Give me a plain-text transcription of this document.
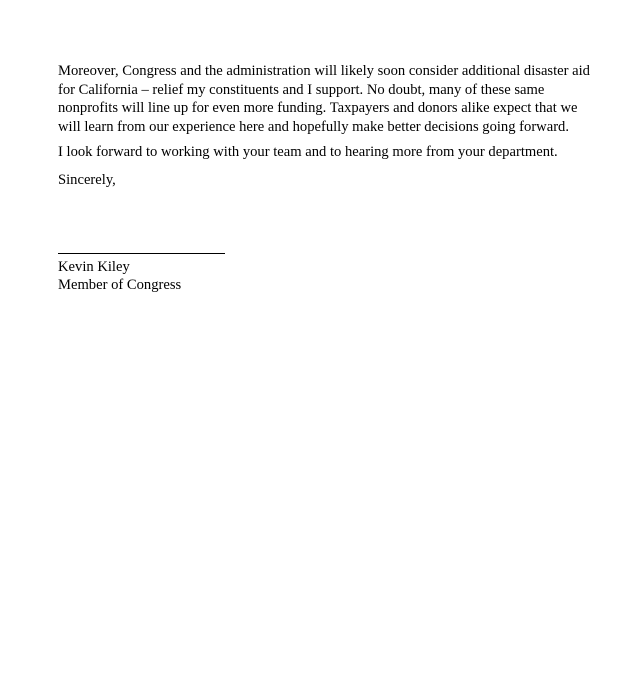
Moreover, Congress and the administration will likely soon consider additional disaster aid for California – relief my constituents and I support. No doubt, many of these same nonprofits will line up for even more funding. Taxpayers and donors alike expect that we will learn from our experience here and hopefully make better decisions going forward.

I look forward to working with your team and to hearing more from your department.

Sincerely,

Kevin Kiley

Member of Congress
